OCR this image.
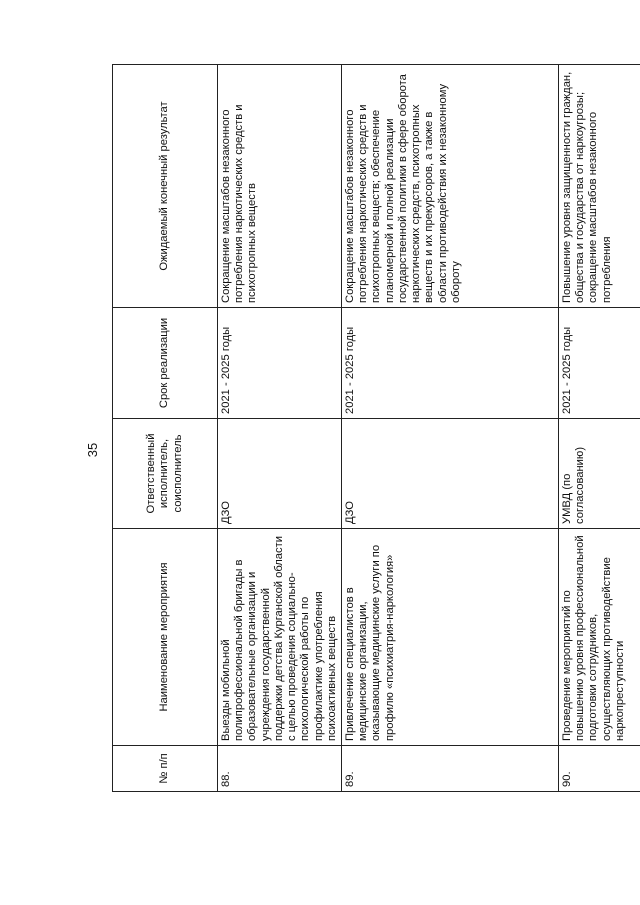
35
№ п/п	Наименование мероприятия	Ответственный исполнитель, соисполнитель	Срок реализации	Ожидаемый конечный результат
88.	Выезды мобильной полипрофессиональной бригады в образовательные организации и учреждения государственной поддержки детства Курганской области с целью проведения социально-психологической работы по профилактике употребления психоактивных веществ	ДЗО	2021 - 2025 годы	Сокращение масштабов незаконного потребления наркотических средств и психотропных веществ
89.	Привлечение специалистов в медицинские организации, оказывающие медицинские услуги по профилю «психиатрия-наркология»	ДЗО	2021 - 2025 годы	Сокращение масштабов незаконного потребления наркотических средств и психотропных веществ; обеспечение планомерной и полной реализации государственной политики в сфере оборота наркотических средств, психотропных веществ и их прекурсоров, а также в области противодействия их незаконному обороту
90.	Проведение мероприятий по повышению уровня профессиональной подготовки сотрудников, осуществляющих противодействие наркопреступности	УМВД (по согласованию)	2021 - 2025 годы	Повышение уровня защищенности граждан, общества и государства от наркоугрозы; сокращение масштабов незаконного потребления
